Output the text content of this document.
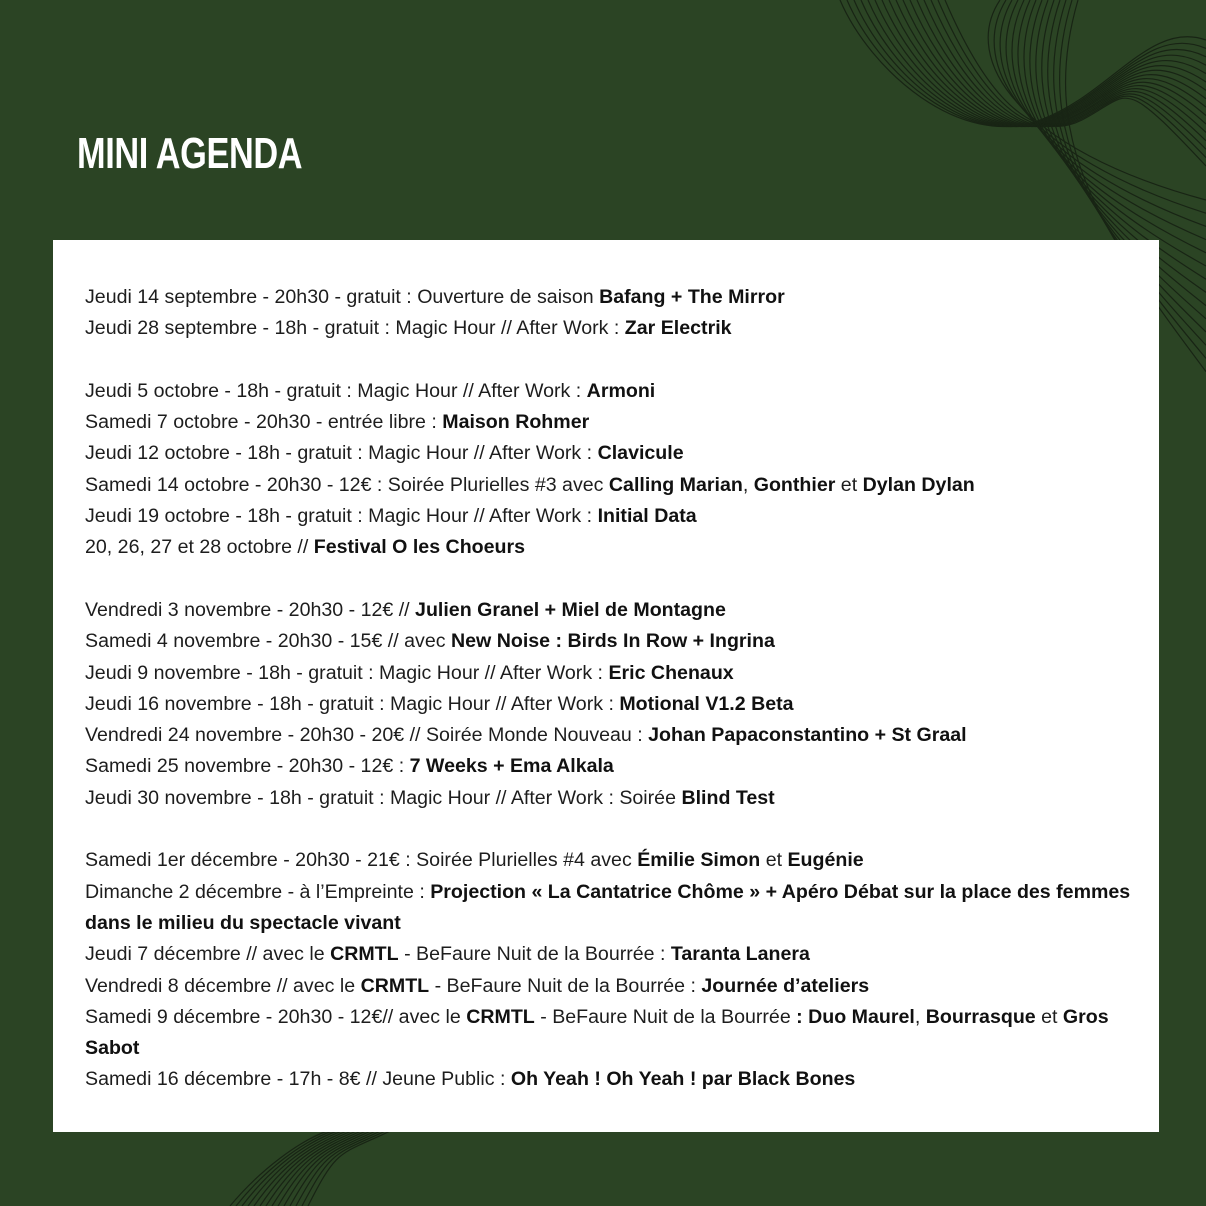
MINI AGENDA
Jeudi 14 septembre - 20h30 - gratuit : Ouverture de saison Bafang + The Mirror
Jeudi 28 septembre - 18h - gratuit : Magic Hour // After Work : Zar Electrik
Jeudi 5 octobre - 18h - gratuit : Magic Hour // After Work : Armoni
Samedi 7 octobre - 20h30 - entrée libre : Maison Rohmer
Jeudi 12 octobre - 18h - gratuit : Magic Hour // After Work : Clavicule
Samedi 14 octobre - 20h30 - 12€ : Soirée Plurielles #3 avec Calling Marian, Gonthier et Dylan Dylan
Jeudi 19 octobre - 18h - gratuit : Magic Hour // After Work : Initial Data
20, 26, 27 et 28 octobre // Festival O les Choeurs
Vendredi 3 novembre - 20h30 - 12€ // Julien Granel + Miel de Montagne
Samedi 4 novembre - 20h30 - 15€ // avec New Noise : Birds In Row + Ingrina
Jeudi 9 novembre - 18h - gratuit : Magic Hour // After Work : Eric Chenaux
Jeudi 16 novembre - 18h - gratuit : Magic Hour // After Work : Motional V1.2 Beta
Vendredi 24 novembre - 20h30 - 20€ // Soirée Monde Nouveau : Johan Papaconstantino + St Graal
Samedi 25 novembre - 20h30 - 12€ : 7 Weeks + Ema Alkala
Jeudi 30 novembre - 18h - gratuit : Magic Hour // After Work : Soirée Blind Test
Samedi 1er décembre - 20h30 - 21€ : Soirée Plurielles #4 avec Émilie Simon et Eugénie
Dimanche 2 décembre - à l’Empreinte : Projection « La Cantatrice Chôme » + Apéro Débat sur la place des femmes dans le milieu du spectacle vivant
Jeudi 7 décembre // avec le CRMTL - BeFaure Nuit de la Bourrée : Taranta Lanera
Vendredi 8 décembre // avec le CRMTL - BeFaure Nuit de la Bourrée : Journée d’ateliers
Samedi 9 décembre - 20h30 - 12€// avec le CRMTL - BeFaure Nuit de la Bourrée : Duo Maurel, Bourrasque et Gros Sabot
Samedi 16 décembre - 17h - 8€ // Jeune Public : Oh Yeah ! Oh Yeah ! par Black Bones
